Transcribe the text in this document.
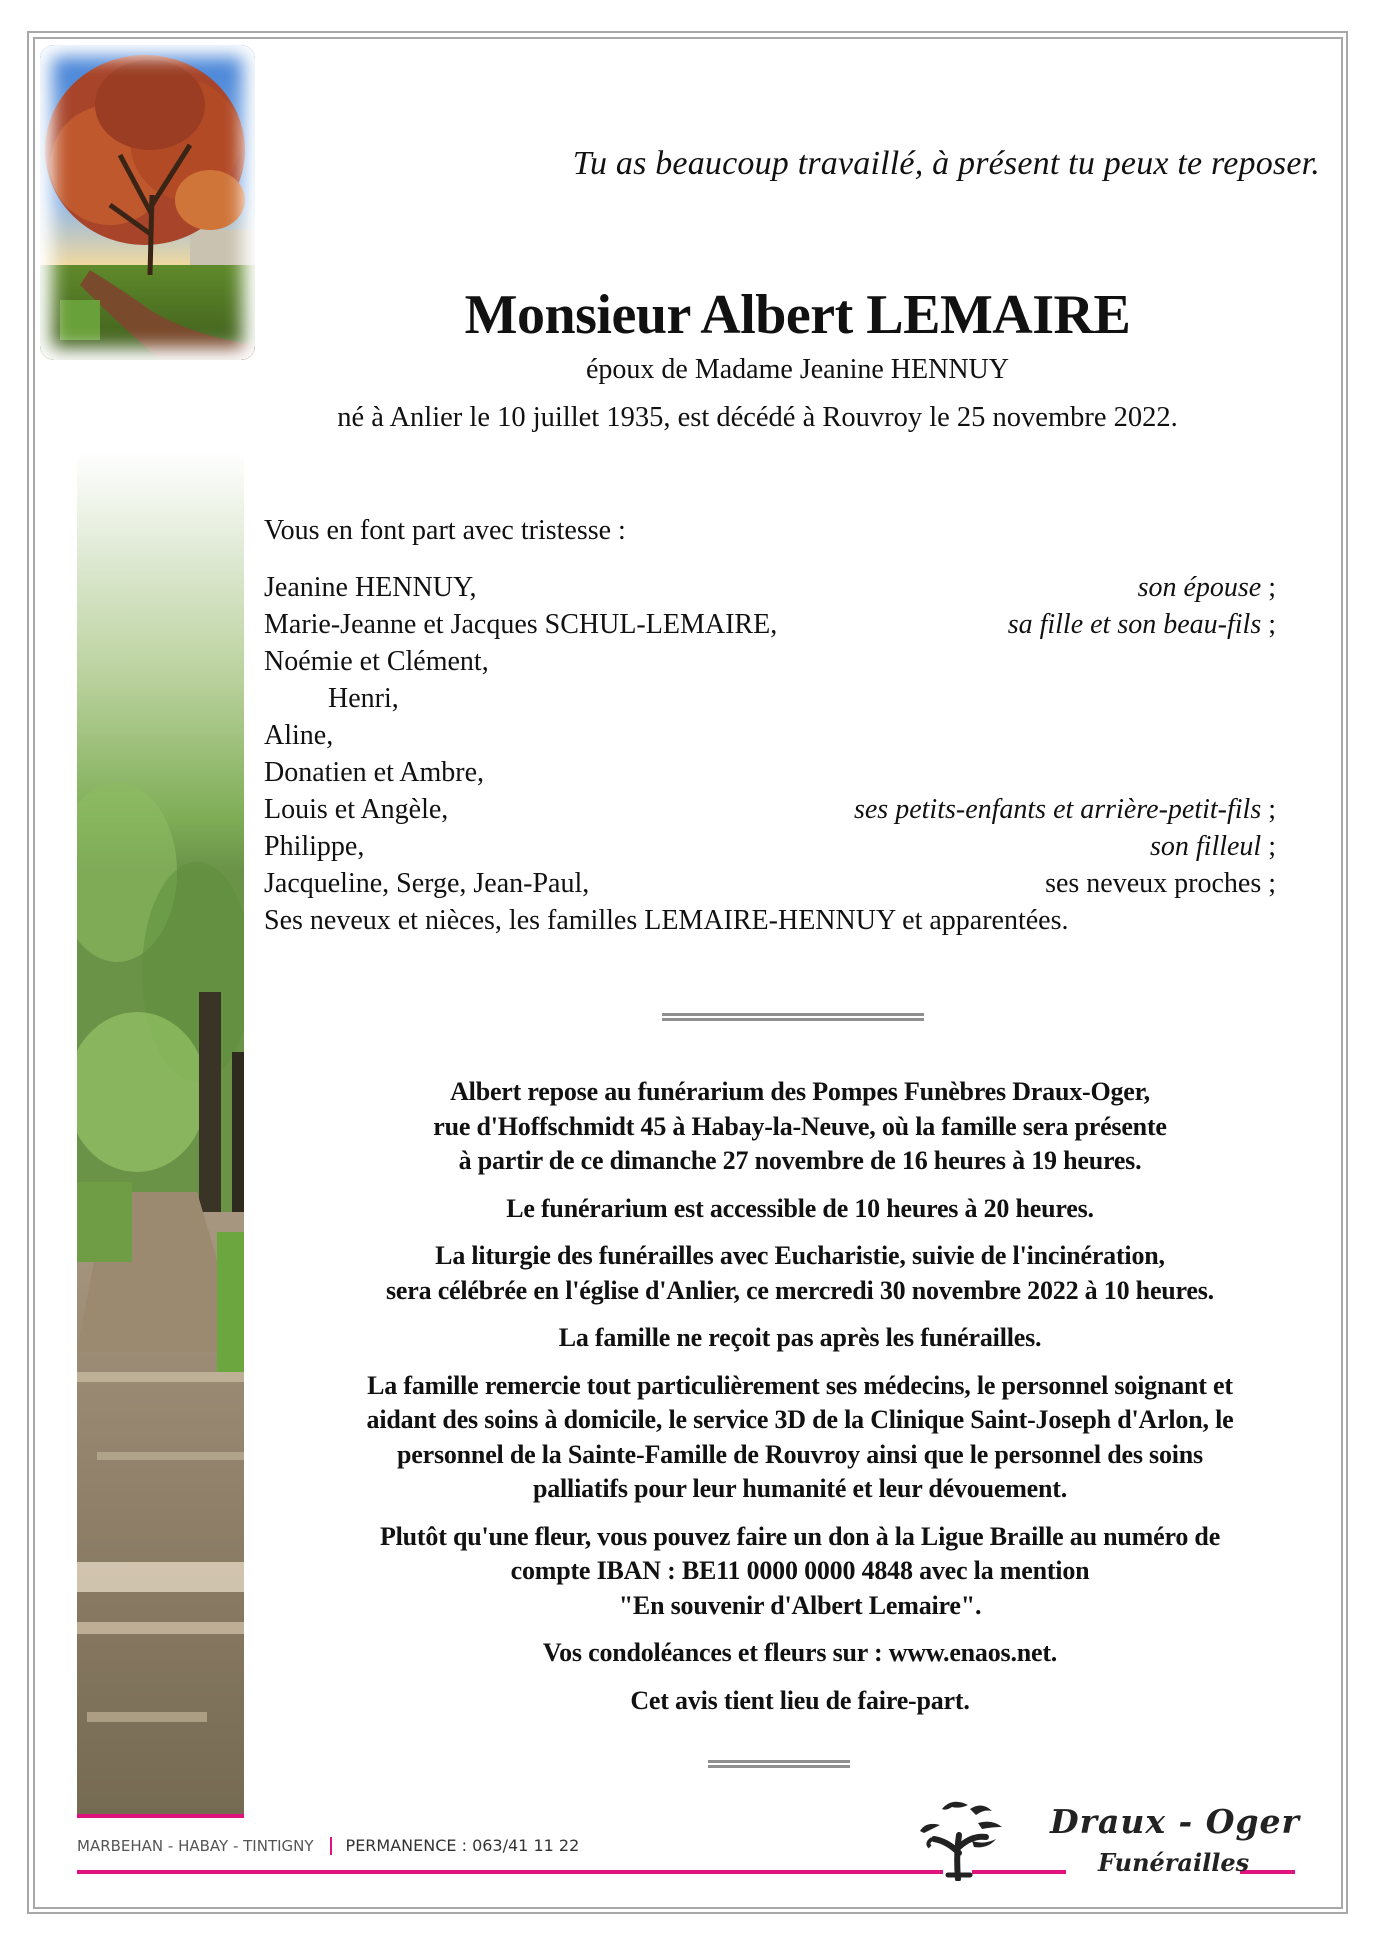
Tu as beaucoup travaillé, à présent tu peux te reposer.
Monsieur Albert LEMAIRE
époux de Madame Jeanine HENNUY
né à Anlier le 10 juillet 1935, est décédé à Rouvroy le 25 novembre 2022.
Vous en font part avec tristesse :
Jeanine HENNUY,	son épouse ;
Marie-Jeanne et Jacques SCHUL-LEMAIRE,	sa fille et son beau-fils ;
Noémie et Clément,
Henri,
Aline,
Donatien et Ambre,
Louis et Angèle,	ses petits-enfants et arrière-petit-fils ;
Philippe,	son filleul ;
Jacqueline, Serge, Jean-Paul,	ses neveux proches ;
Ses neveux et nièces, les familles LEMAIRE-HENNUY et apparentées.

Albert repose au funérarium des Pompes Funèbres Draux-Oger,
rue d'Hoffschmidt 45 à Habay-la-Neuve, où la famille sera présente
à partir de ce dimanche 27 novembre de 16 heures à 19 heures.

Le funérarium est accessible de 10 heures à 20 heures.

La liturgie des funérailles avec Eucharistie, suivie de l'incinération,
sera célébrée en l'église d'Anlier, ce mercredi 30 novembre 2022 à 10 heures.

La famille ne reçoit pas après les funérailles.

La famille remercie tout particulièrement ses médecins, le personnel soignant et
aidant des soins à domicile, le service 3D de la Clinique Saint-Joseph d'Arlon, le
personnel de la Sainte-Famille de Rouvroy ainsi que le personnel des soins
palliatifs pour leur humanité et leur dévouement.

Plutôt qu'une fleur, vous pouvez faire un don à la Ligue Braille au numéro de
compte IBAN : BE11 0000 0000 4848 avec la mention
"En souvenir d'Albert Lemaire".

Vos condoléances et fleurs sur : www.enaos.net.

Cet avis tient lieu de faire-part.

MARBEHAN - HABAY - TINTIGNY PERMANENCE : 063/41 11 22
Draux - Oger
Funérailles
